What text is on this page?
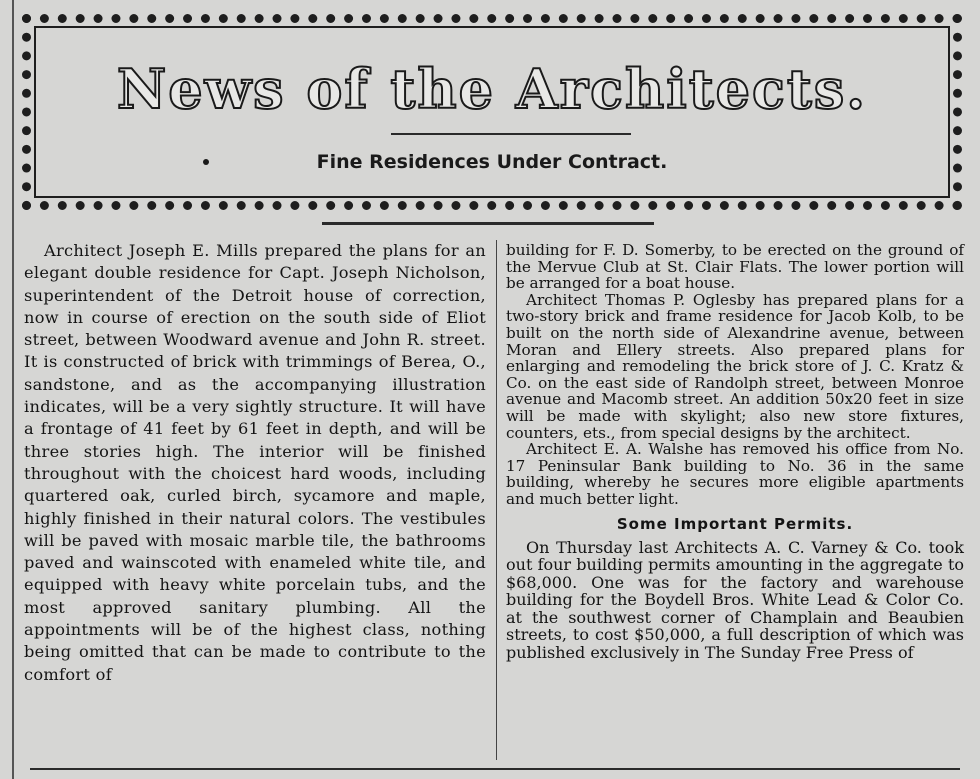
News of the Architects.
Fine Residences Under Contract.

Architect Joseph E. Mills prepared the plans for an elegant double residence for Capt. Joseph Nicholson, superintendent of the Detroit house of correction, now in course of erection on the south side of Eliot street, between Woodward avenue and John R. street. It is constructed of brick with trimmings of Berea, O., sandstone, and as the accompanying illustration indicates, will be a very sightly structure. It will have a frontage of 41 feet by 61 feet in depth, and will be three stories high. The interior will be finished throughout with the choicest hard woods, including quartered oak, curled birch, sycamore and maple, highly finished in their natural colors. The vestibules will be paved with mosaic marble tile, the bathrooms paved and wainscoted with enameled white tile, and equipped with heavy white porcelain tubs, and the most approved sanitary plumbing. All the appointments will be of the highest class, nothing being omitted that can be made to contribute to the comfort of

building for F. D. Somerby, to be erected on the ground of the Mervue Club at St. Clair Flats. The lower portion will be arranged for a boat house.

Architect Thomas P. Oglesby has prepared plans for a two-story brick and frame residence for Jacob Kolb, to be built on the north side of Alexandrine avenue, between Moran and Ellery streets. Also prepared plans for enlarging and remodeling the brick store of J. C. Kratz & Co. on the east side of Randolph street, between Monroe avenue and Macomb street. An addition 50x20 feet in size will be made with skylight; also new store fixtures, counters, ets., from special designs by the architect.

Architect E. A. Walshe has removed his office from No. 17 Peninsular Bank building to No. 36 in the same building, whereby he secures more eligible apartments and much better light.

Some Important Permits.

On Thursday last Architects A. C. Varney & Co. took out four building permits amounting in the aggregate to $68,000. One was for the factory and warehouse building for the Boydell Bros. White Lead & Color Co. at the southwest corner of Champlain and Beaubien streets, to cost $50,000, a full description of which was published exclusively in The Sunday Free Press of
